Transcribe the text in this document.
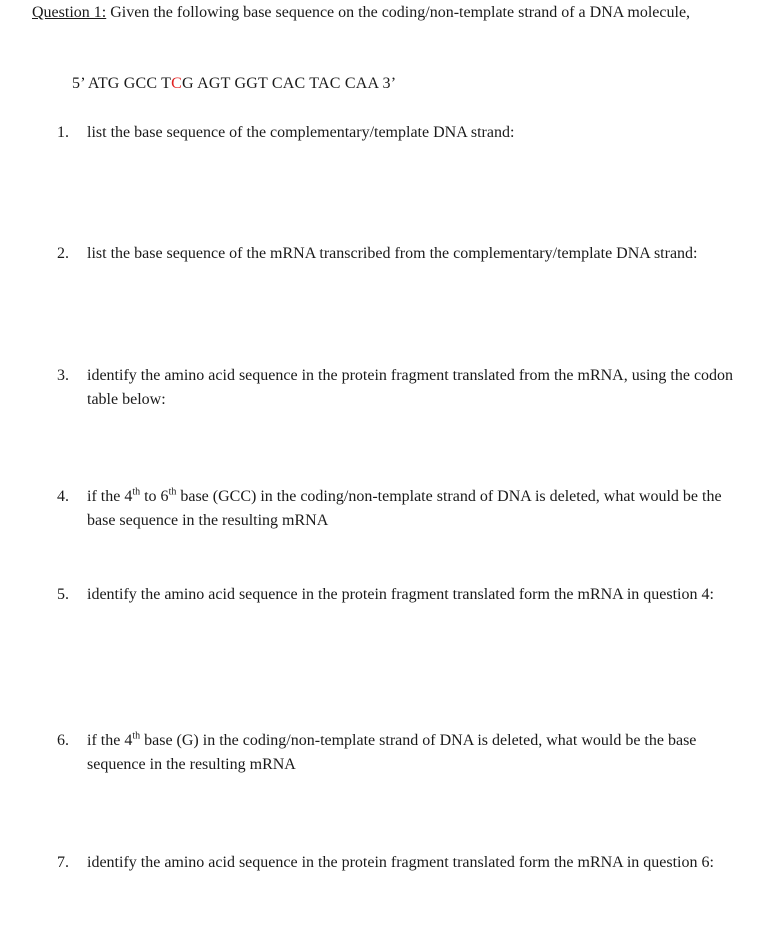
Question 1: Given the following base sequence on the coding/non-template strand of a DNA molecule,
5’ ATG GCC TCG AGT GGT CAC TAC CAA 3’
1.	list the base sequence of the complementary/template DNA strand:
2.	list the base sequence of the mRNA transcribed from the complementary/template DNA strand:
3.	identify the amino acid sequence in the protein fragment translated from the mRNA, using the codon table below:
4.	if the 4th to 6th base (GCC) in the coding/non-template strand of DNA is deleted, what would be the base sequence in the resulting mRNA
5.	identify the amino acid sequence in the protein fragment translated form the mRNA in question 4:
6.	if the 4th base (G) in the coding/non-template strand of DNA is deleted, what would be the base sequence in the resulting mRNA
7.	identify the amino acid sequence in the protein fragment translated form the mRNA in question 6:
